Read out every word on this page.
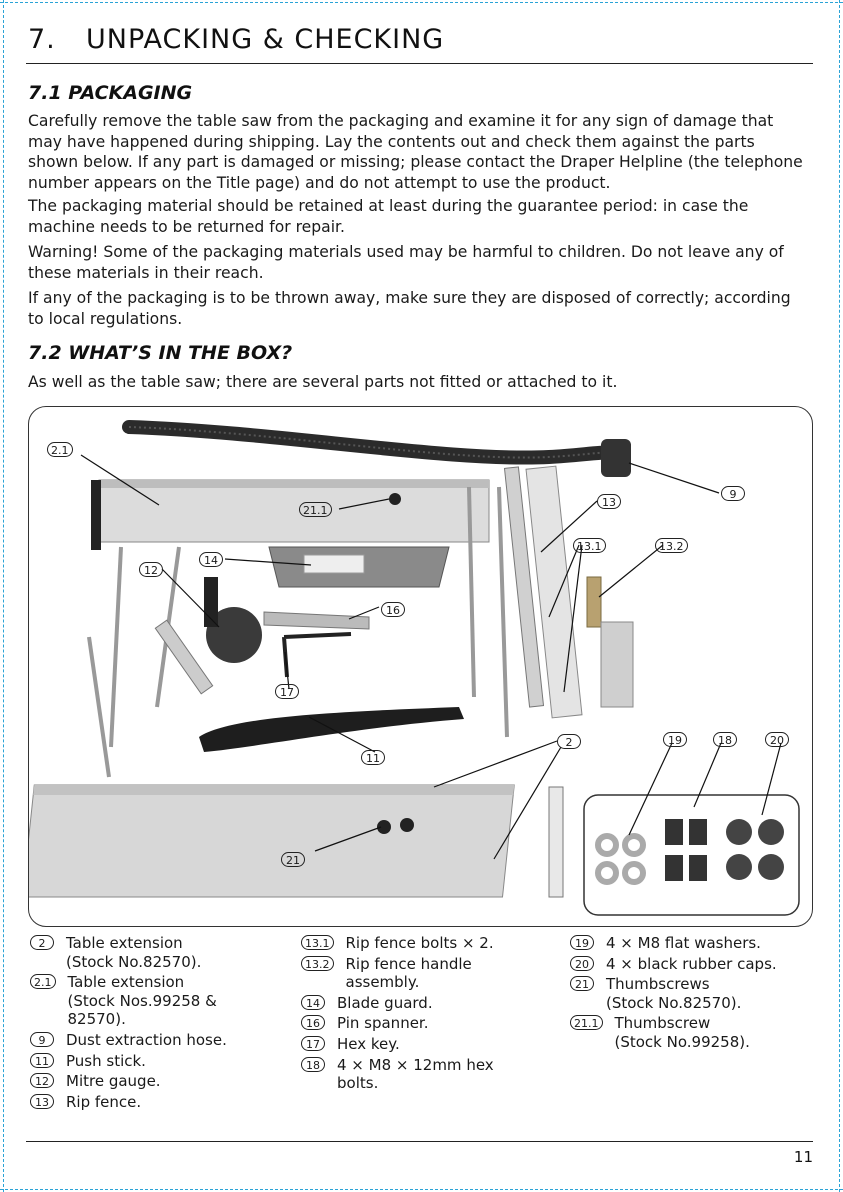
7. UNPACKING & CHECKING
7.1 PACKAGING
Carefully remove the table saw from the packaging and examine it for any sign of damage that may have happened during shipping. Lay the contents out and check them against the parts shown below. If any part is damaged or missing; please contact the Draper Helpline (the telephone number appears on the Title page) and do not attempt to use the product.
The packaging material should be retained at least during the guarantee period: in case the machine needs to be returned for repair.
Warning! Some of the packaging materials used may be harmful to children. Do not leave any of these materials in their reach.
If any of the packaging is to be thrown away, make sure they are disposed of correctly; according to local regulations.
7.2 WHAT’S IN THE BOX?
As well as the table saw; there are several parts not fitted or attached to it.
2.1
21.1
9
13
14
12
13.1	13.2
16
17
11
2	19	18	20
21
2	Table extension
(Stock No.82570).
2.1 Table extension
(Stock Nos.99258 &
82570).
9	Dust extraction hose.
11	Push stick.
12	Mitre gauge.
13	Rip fence.
13.1 Rip fence bolts × 2.
13.2 Rip fence handle
assembly.
14	Blade guard.
16	Pin spanner.
17	Hex key.
18	4 × M8 × 12mm hex
bolts.
19	4 × M8 flat washers.
20	4 × black rubber caps.
21	Thumbscrews
(Stock No.82570).
21.1 Thumbscrew
(Stock No.99258).
11
